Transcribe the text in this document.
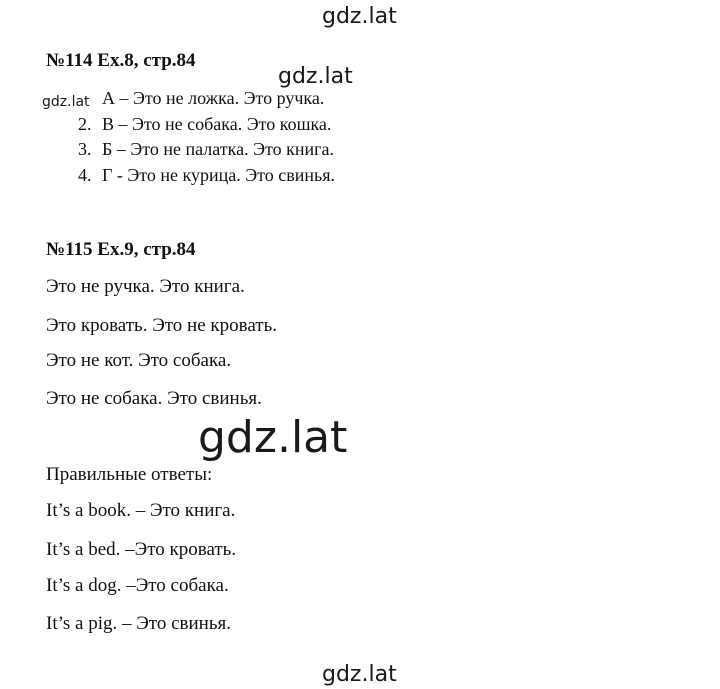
gdz.lat
№114 Ex.8, стр.84
gdz.lat
gdz.lat А – Это не ложка. Это ручка.
2. В – Это не собака. Это кошка.
3. Б – Это не палатка. Это книга.
4. Г - Это не курица. Это свинья.
№115 Ex.9, стр.84
Это не ручка. Это книга.
Это кровать. Это не кровать.
Это не кот. Это собака.
Это не собака. Это свинья.
gdz.lat
Правильные ответы:
It’s a book. – Это книга.
It’s a bed. –Это кровать.
It’s a dog. –Это собака.
It’s a pig. – Это свинья.
gdz.lat
